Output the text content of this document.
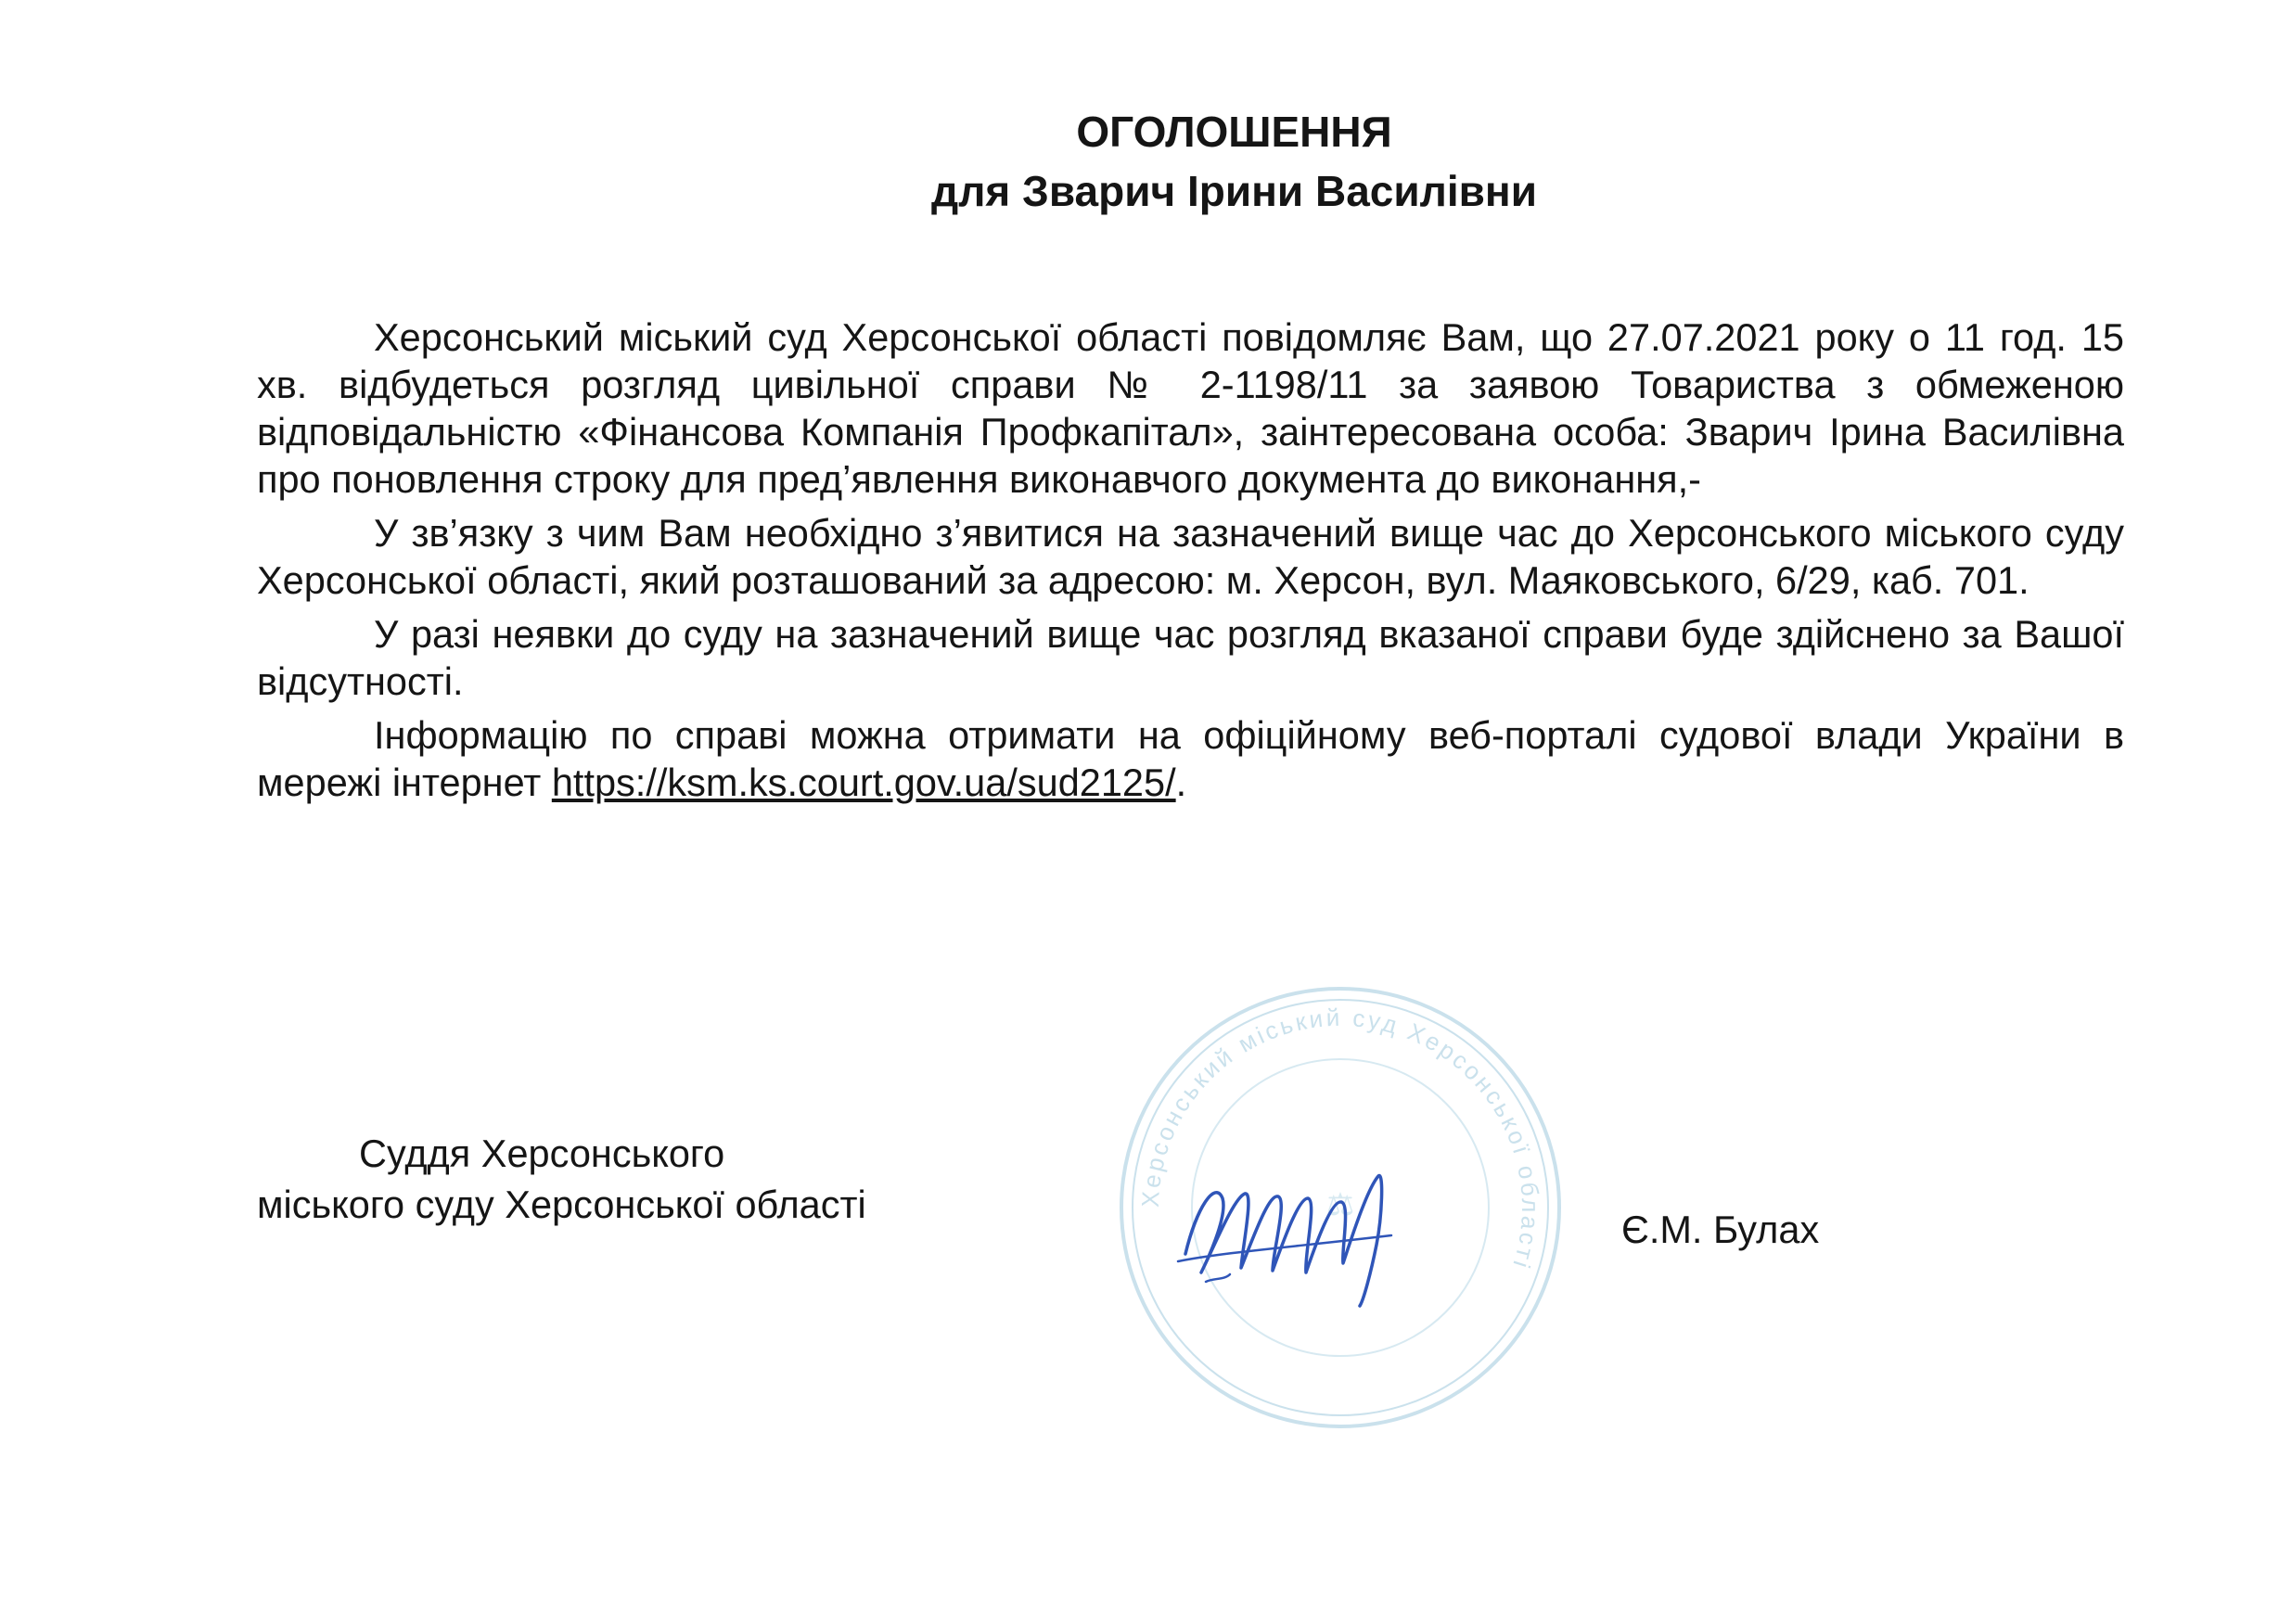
ОГОЛОШЕННЯ
для Зварич Ірини Василівни

Херсонський міський суд Херсонської області повідомляє Вам, що 27.07.2021 року о 11 год. 15 хв. відбудеться розгляд цивільної справи № 2-1198/11 за заявою Товариства з обмеженою відповідальністю «Фінансова Компанія Профкапітал», заінтересована особа: Зварич Ірина Василівна про поновлення строку для пред’явлення виконавчого документа до виконання,-

У зв’язку з чим Вам необхідно з’явитися на зазначений вище час до Херсонського міського суду Херсонської області, який розташований за адресою: м. Херсон, вул. Маяковського, 6/29, каб. 701.

У разі неявки до суду на зазначений вище час розгляд вказаної справи буде здійснено за Вашої відсутності.

Інформацію по справі можна отримати на офіційному веб-порталі судової влади України в мережі інтернет https://ksm.ks.court.gov.ua/sud2125/.

Суддя Херсонського
міського суду Херсонської області	Херсонський міський суд Херсонської області
⚖
Є.М. Булах
